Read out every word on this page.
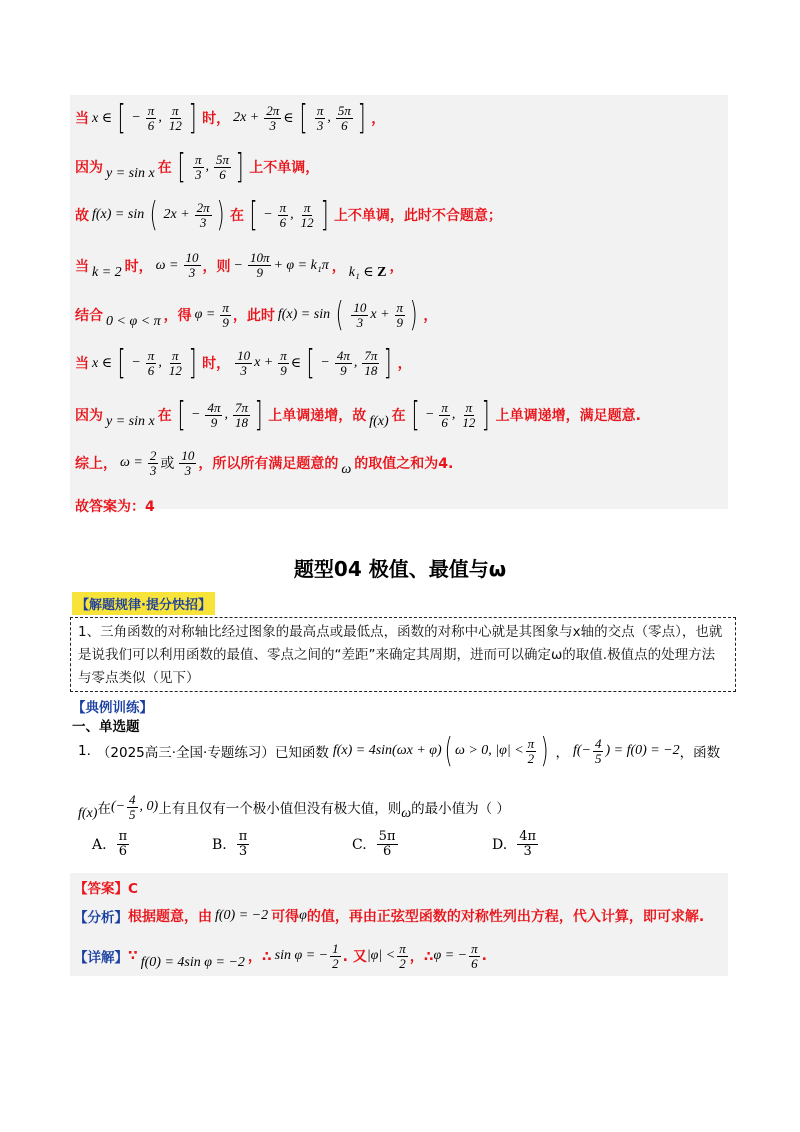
当 x ∈ [ − $\frac{\pi}{6}$ , $\frac{\pi}{12}$ ] 时， $2x + \frac{2\pi}{3}$ ∈ [ $\frac{\pi}{3}$ , $\frac{5\pi}{6}$ ] ，
因为 y = sin x 在 [ $\frac{\pi}{3}$ , $\frac{5\pi}{6}$ ] 上不单调，
故 f(x) = sin ( $2x + \frac{2\pi}{3}$ ) 在 [ − $\frac{\pi}{6}$ , $\frac{\pi}{12}$ ] 上不单调，此时不合题意；
当 k = 2 时， $\omega = \frac{10}{3}$ ，则 − $\frac{10\pi}{9} + \varphi = k_1\pi$ ， k₁ ∈ Z ，
结合 0 < φ < π ，得 $\varphi = \frac{\pi}{9}$ ，此时 f(x) = sin ( $\frac{10}{3}$ $x + \frac{\pi}{9}$ ) ，
当 x ∈ [ − $\frac{\pi}{6}$ , $\frac{\pi}{12}$ ] 时， $\frac{10}{3}$ $x + \frac{\pi}{9}$ ∈ [ − $\frac{4\pi}{9}$ , $\frac{7\pi}{18}$ ] ，
因为 y = sin x 在 [ − $\frac{4\pi}{9}$ , $\frac{7\pi}{18}$ ] 上单调递增，故 f(x) 在 [ − $\frac{\pi}{6}$ , $\frac{\pi}{12}$ ] 上单调递增，满足题意.
综上， $\omega = \frac{2}{3}$ 或 $\frac{10}{3}$ ，所以所有满足题意的 ω 的取值之和为4.
故答案为：4
题型04 极值、最值与ω
【解题规律·提分快招】
1、三角函数的对称轴比经过图象的最高点或最低点，函数的对称中心就是其图象与x轴的交点（零点），也就是说我们可以利用函数的最值、零点之间的“差距”来确定其周期，进而可以确定ω的取值.极值点的处理方法与零点类似（见下）
【典例训练】
一、单选题
1. （2025高三·全国·专题练习）已知函数 f(x) = 4sin(ωx + φ) ( ω > 0, $|\varphi| < \frac{\pi}{2}$ ) ， $f(- \frac{4}{5}$ ) = f(0) = −2 ，函数
f(x) 在 (− $\frac{4}{5}$ , 0) 上有且仅有一个极小值但没有极大值，则 ω 的最小值为（ ）
A. $\frac{\pi}{6}$	B. $\frac{\pi}{3}$	C. $\frac{5\pi}{6}$	D. $\frac{4\pi}{3}$
【答案】C
【分析】 根据题意，由 f(0) = −2 可得 φ 的值，再由正弦型函数的对称性列出方程，代入计算，即可求解.
【详解】 ∵ f(0) = 4sin φ = −2 ，∴ sin φ = − $\frac{1}{2}$ . 又 $|\varphi| < \frac{\pi}{2}$ ，∴ φ = − $\frac{\pi}{6}$ .
